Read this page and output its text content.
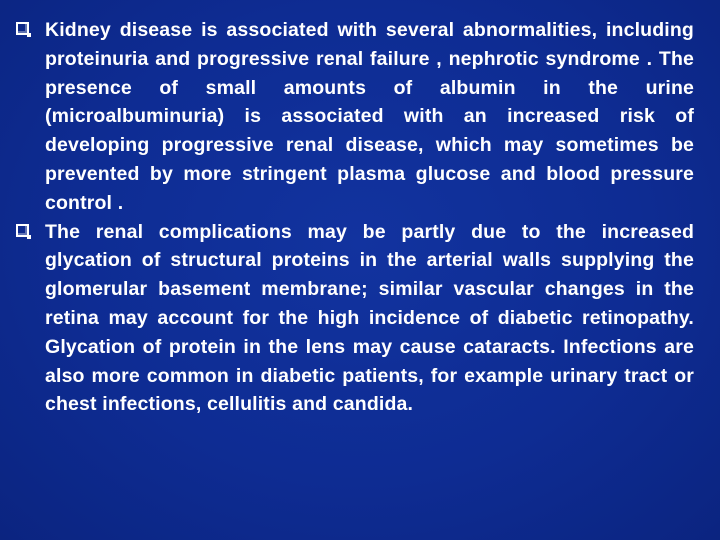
Kidney disease is associated with several abnormalities, including proteinuria and progressive renal failure , nephrotic syndrome . The presence of small amounts of albumin in the urine (microalbuminuria) is associated with an increased risk of developing progressive renal disease, which may sometimes be prevented by more stringent plasma glucose and blood pressure control .
The renal complications may be partly due to the increased glycation of structural proteins in the arterial walls supplying the glomerular basement membrane; similar vascular changes in the retina may account for the high incidence of diabetic retinopathy. Glycation of protein in the lens may cause cataracts. Infections are also more common in diabetic patients, for example urinary tract or chest infections, cellulitis and candida.
